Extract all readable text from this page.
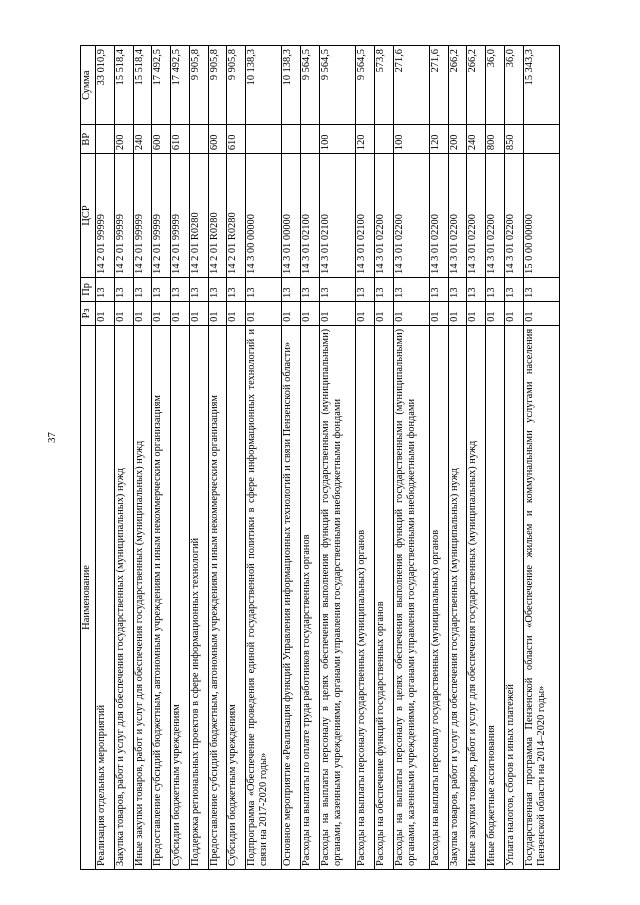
37
Наименование	Рз	Пр	ЦСР	ВР	Сумма
Реализация отдельных мероприятий	01	13	14 2 01 99999		33 010,9
Закупка товаров, работ и услуг для обеспечения государственных (муниципальных) нужд	01	13	14 2 01 99999	200	15 518,4
Иные закупки товаров, работ и услуг для обеспечения государственных (муниципальных) нужд	01	13	14 2 01 99999	240	15 518,4
Предоставление субсидий бюджетным, автономным учреждениям и иным некоммерческим организациям	01	13	14 2 01 99999	600	17 492,5
Субсидии бюджетным учреждениям	01	13	14 2 01 99999	610	17 492,5
Поддержка региональных проектов в сфере информационных технологий	01	13	14 2 01 R0280		9 905,8
Предоставление субсидий бюджетным, автономным учреждениям и иным некоммерческим организациям	01	13	14 2 01 R0280	600	9 905,8
Субсидии бюджетным учреждениям	01	13	14 2 01 R0280	610	9 905,8
Подпрограмма «Обеспечение проведения единой государственной политики в сфере информационных технологий и связи на 2017-2020 годы»	01	13	14 3 00 00000		10 138,3
Основное мероприятие «Реализация функций Управления информационных технологий и связи Пензенской области»	01	13	14 3 01 00000		10 138,3
Расходы на выплаты по оплате труда работников государственных органов	01	13	14 3 01 02100		9 564,5
Расходы на выплаты персоналу в целях обеспечения выполнения функций государственными (муниципальными) органами, казенными учреждениями, органами управления государственными внебюджетными фондами	01	13	14 3 01 02100	100	9 564,5
Расходы на выплаты персоналу государственных (муниципальных) органов	01	13	14 3 01 02100	120	9 564,5
Расходы на обеспечение функций государственных органов	01	13	14 3 01 02200		573,8
Расходы на выплаты персоналу в целях обеспечения выполнения функций государственными (муниципальными) органами, казенными учреждениями, органами управления государственными внебюджетными фондами	01	13	14 3 01 02200	100	271,6
Расходы на выплаты персоналу государственных (муниципальных) органов	01	13	14 3 01 02200	120	271,6
Закупка товаров, работ и услуг для обеспечения государственных (муниципальных) нужд	01	13	14 3 01 02200	200	266,2
Иные закупки товаров, работ и услуг для обеспечения государственных (муниципальных) нужд	01	13	14 3 01 02200	240	266,2
Иные бюджетные ассигнования	01	13	14 3 01 02200	800	36,0
Уплата налогов, сборов и иных платежей	01	13	14 3 01 02200	850	36,0
Государственная программа Пензенской области «Обеспечение жильем и коммунальными услугами населения Пензенской области на 2014–2020 годы»	01	13	15 0 00 00000		15 343,3
